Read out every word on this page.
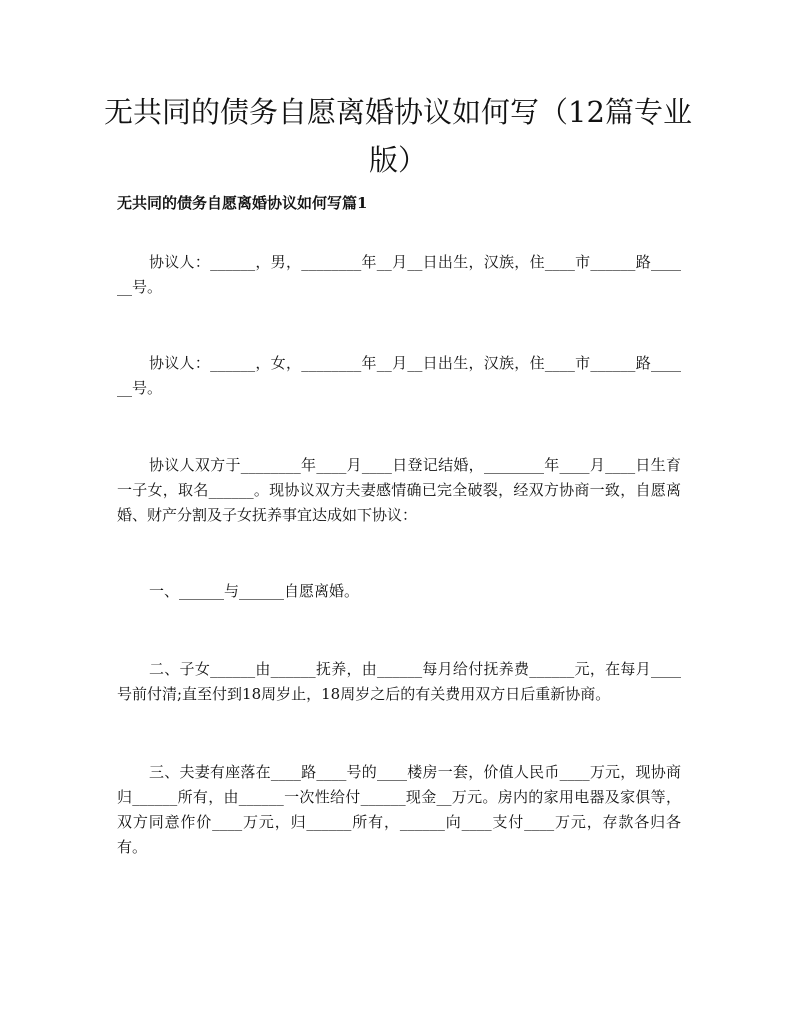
无共同的债务自愿离婚协议如何写（12篇专业版）
无共同的债务自愿离婚协议如何写篇1

协议人：______，男，________年__月__日出生，汉族，住____市______路______号。

协议人：______，女，________年__月__日出生，汉族，住____市______路______号。

协议人双方于________年____月____日登记结婚，________年____月____日生育一子女，取名______。现协议双方夫妻感情确已完全破裂，经双方协商一致，自愿离婚、财产分割及子女抚养事宜达成如下协议：

一、______与______自愿离婚。

二、子女______由______抚养，由______每月给付抚养费______元，在每月____号前付清;直至付到18周岁止，18周岁之后的有关费用双方日后重新协商。

三、夫妻有座落在____路____号的____楼房一套，价值人民币____万元，现协商归______所有，由______一次性给付______现金__万元。房内的家用电器及家俱等，双方同意作价____万元，归______所有，______向____支付____万元，存款各归各有。
